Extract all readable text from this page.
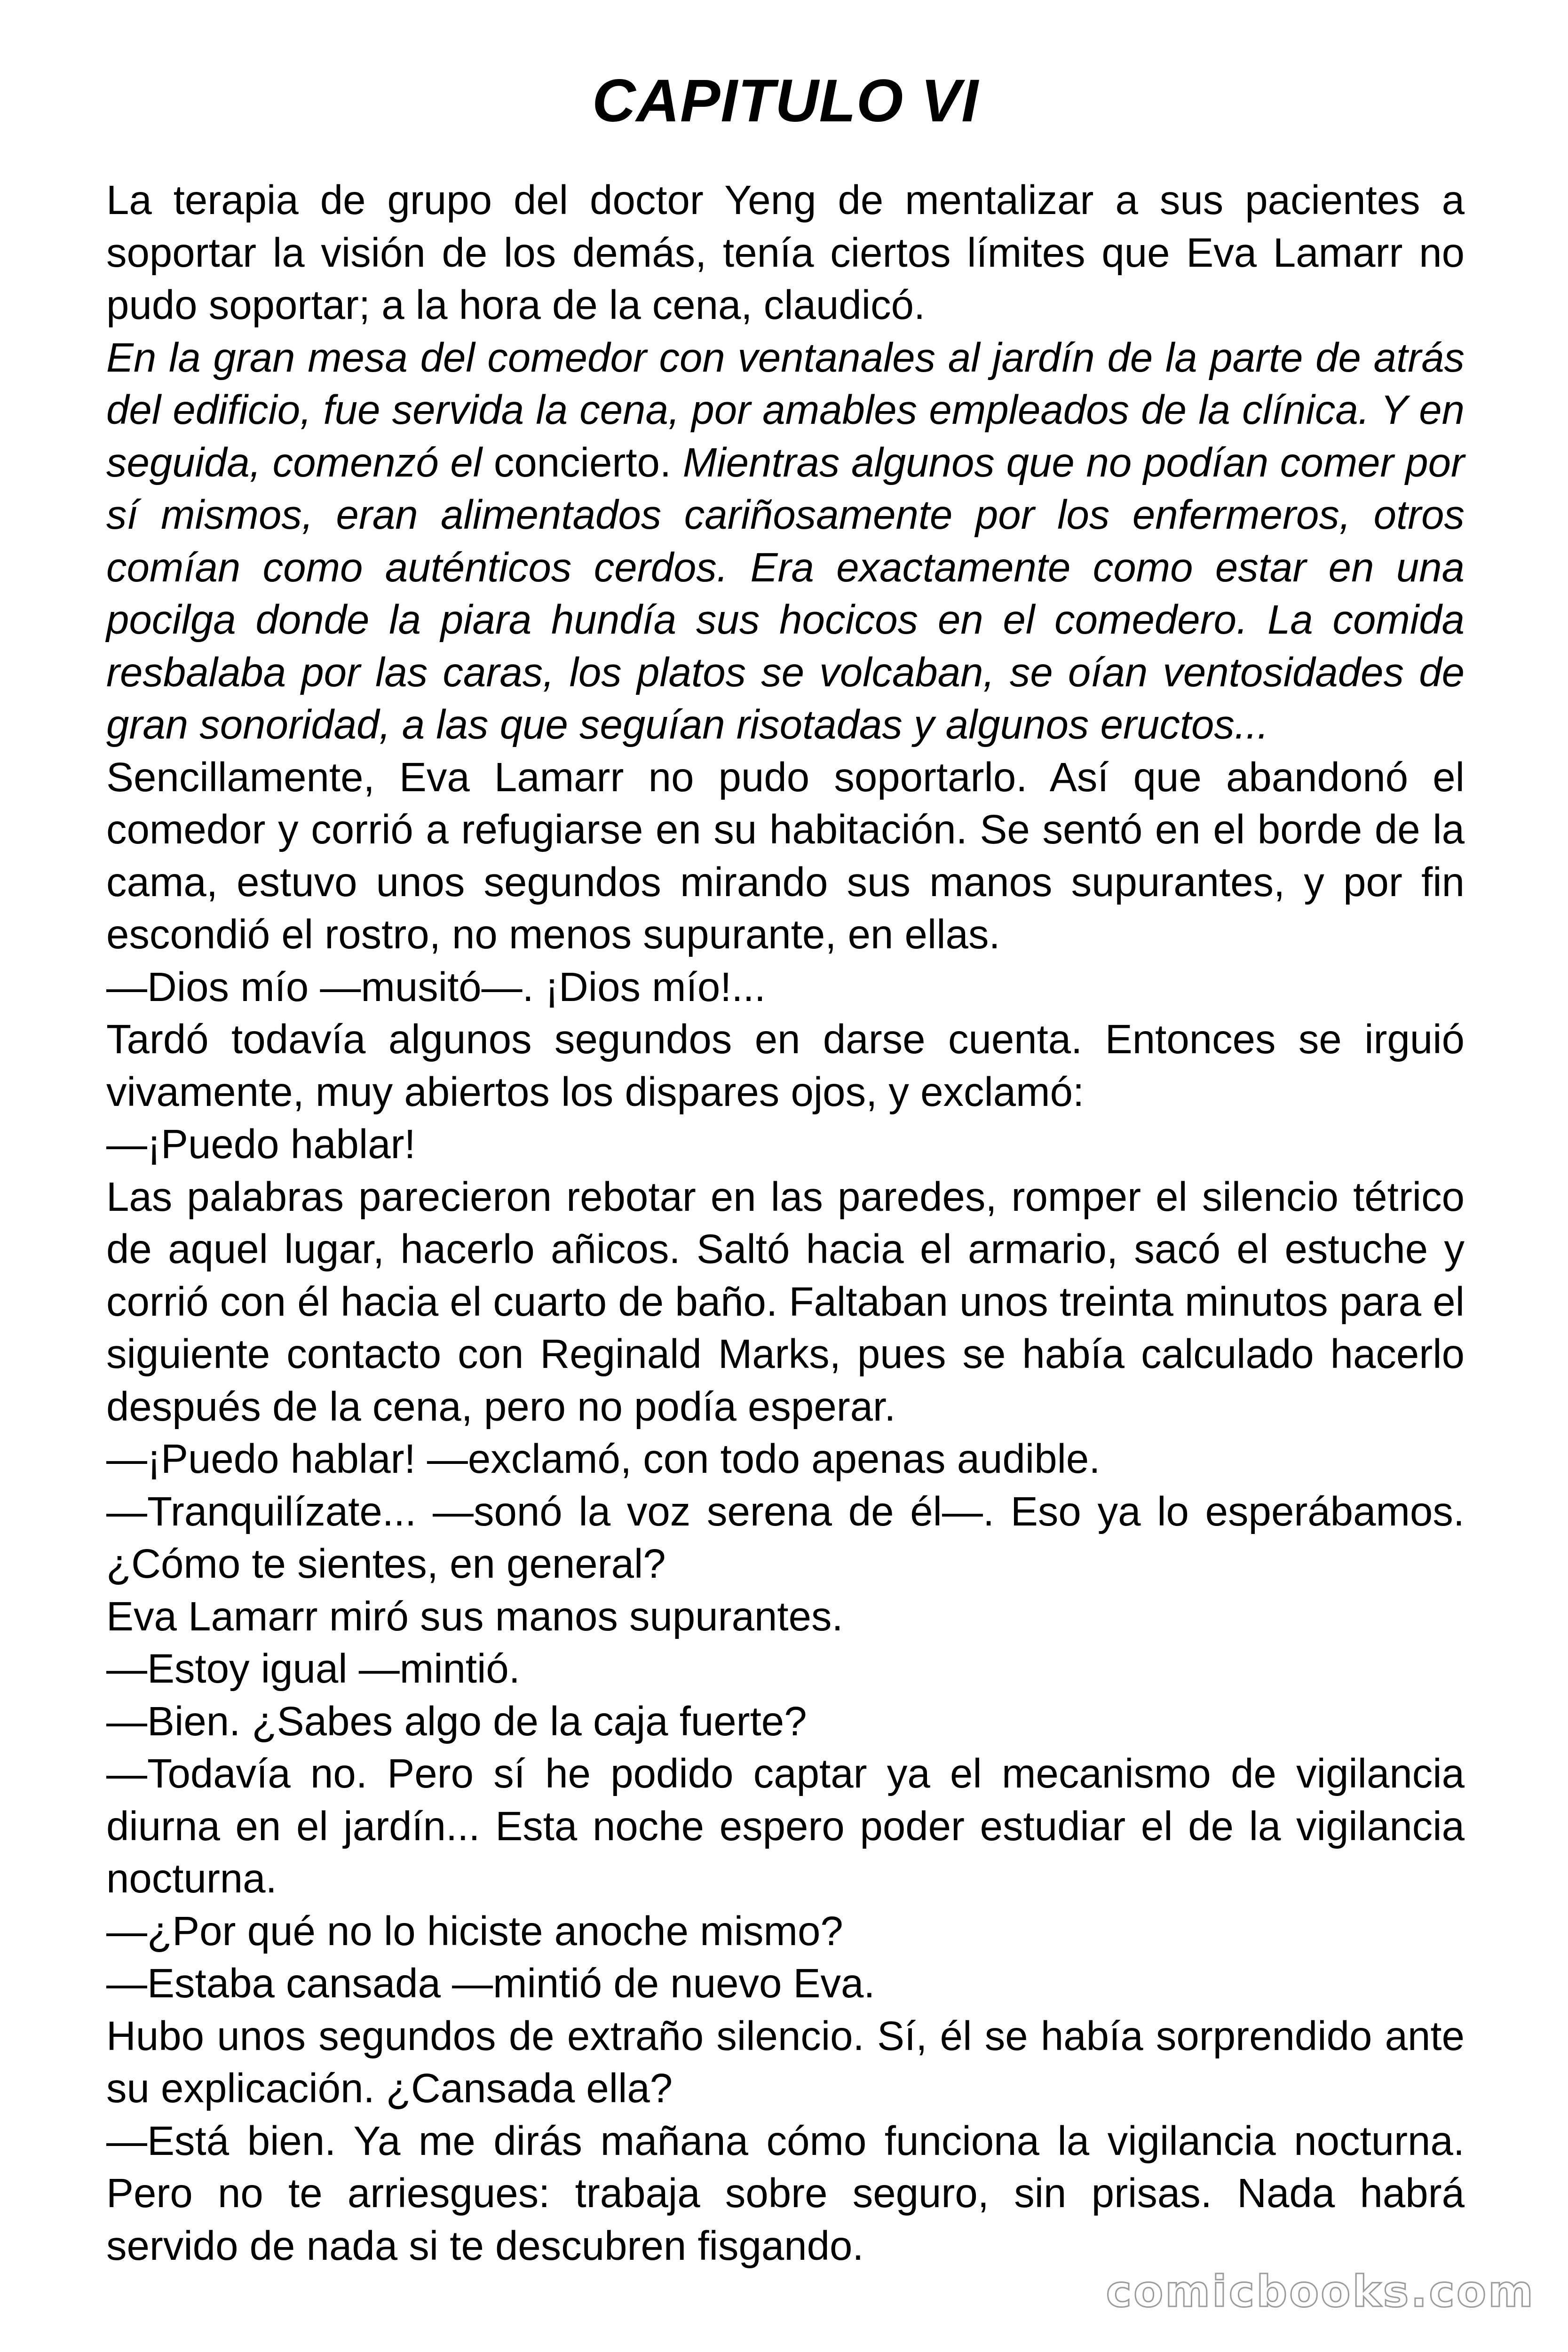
CAPITULO VI

La terapia de grupo del doctor Yeng de mentalizar a sus pacientes a soportar la visión de los demás, tenía ciertos límites que Eva Lamarr no pudo soportar; a la hora de la cena, claudicó.

En la gran mesa del comedor con ventanales al jardín de la parte de atrás del edificio, fue servida la cena, por amables empleados de la clínica. Y en seguida, comenzó el concierto. Mientras algunos que no podían comer por sí mismos, eran alimentados cariñosamente por los enfermeros, otros comían como auténticos cerdos. Era exactamente como estar en una pocilga donde la piara hundía sus hocicos en el comedero. La comida resbalaba por las caras, los platos se volcaban, se oían ventosidades de gran sonoridad, a las que seguían risotadas y algunos eructos...

Sencillamente, Eva Lamarr no pudo soportarlo. Así que abandonó el comedor y corrió a refugiarse en su habitación. Se sentó en el borde de la cama, estuvo unos segundos mirando sus manos supurantes, y por fin escondió el rostro, no menos supurante, en ellas.

—Dios mío —musitó—. ¡Dios mío!...

Tardó todavía algunos segundos en darse cuenta. Entonces se irguió vivamente, muy abiertos los dispares ojos, y exclamó:

—¡Puedo hablar!

Las palabras parecieron rebotar en las paredes, romper el silencio tétrico de aquel lugar, hacerlo añicos. Saltó hacia el armario, sacó el estuche y corrió con él hacia el cuarto de baño. Faltaban unos treinta minutos para el siguiente contacto con Reginald Marks, pues se había calculado hacerlo después de la cena, pero no podía esperar.

—¡Puedo hablar! —exclamó, con todo apenas audible.

—Tranquilízate... —sonó la voz serena de él—. Eso ya lo esperábamos. ¿Cómo te sientes, en general?

Eva Lamarr miró sus manos supurantes.

—Estoy igual —mintió.

—Bien. ¿Sabes algo de la caja fuerte?

—Todavía no. Pero sí he podido captar ya el mecanismo de vigilancia diurna en el jardín... Esta noche espero poder estudiar el de la vigilancia nocturna.

—¿Por qué no lo hiciste anoche mismo?

—Estaba cansada —mintió de nuevo Eva.

Hubo unos segundos de extraño silencio. Sí, él se había sorprendido ante su explicación. ¿Cansada ella?

—Está bien. Ya me dirás mañana cómo funciona la vigilancia nocturna. Pero no te arriesgues: trabaja sobre seguro, sin prisas. Nada habrá servido de nada si te descubren fisgando.

comicbooks.com
